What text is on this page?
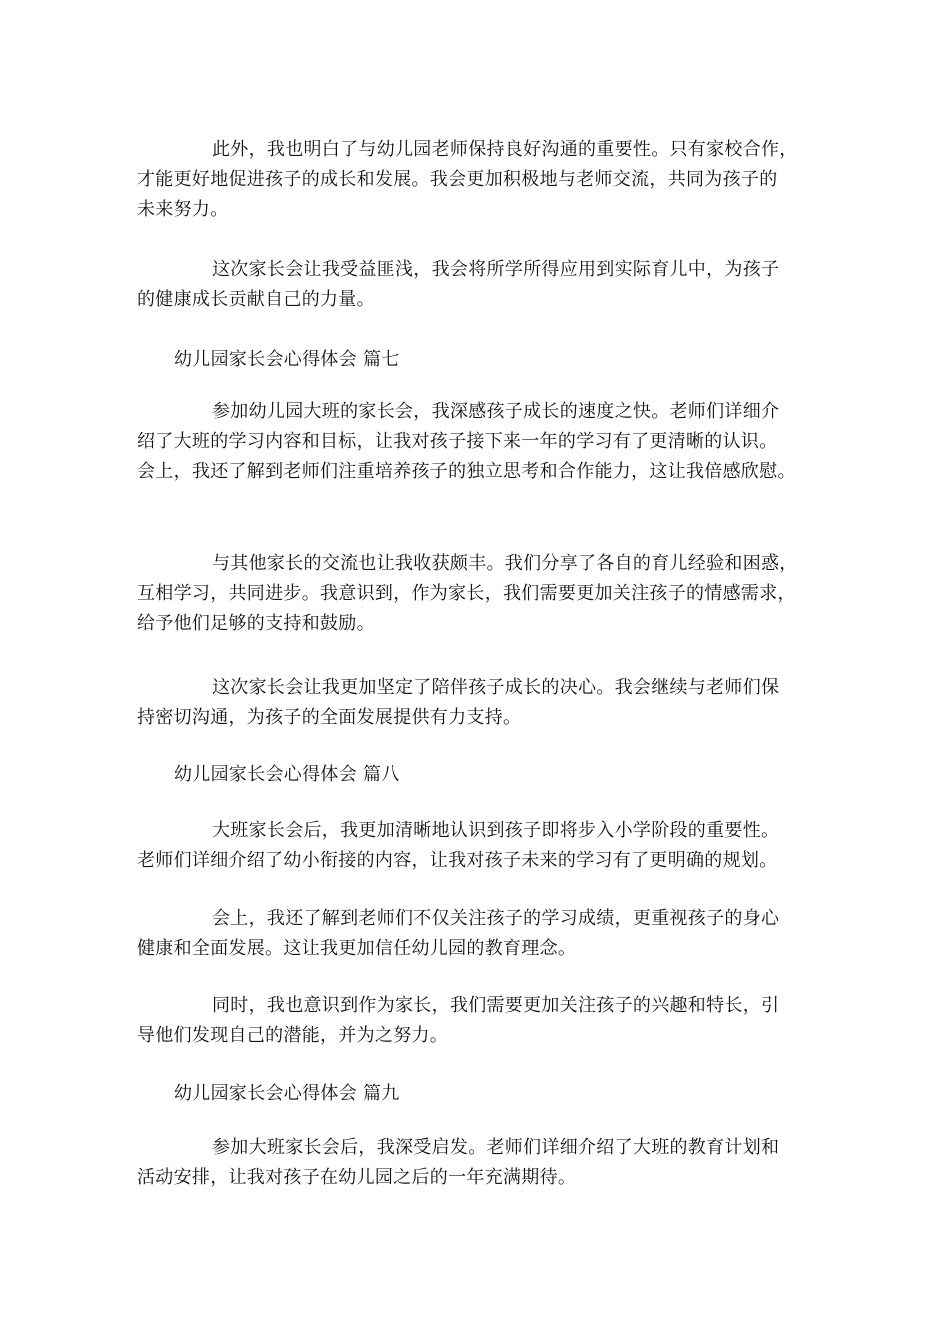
此外，我也明白了与幼儿园老师保持良好沟通的重要性。只有家校合作，
才能更好地促进孩子的成长和发展。我会更加积极地与老师交流，共同为孩子的
未来努力。

这次家长会让我受益匪浅，我会将所学所得应用到实际育儿中，为孩子
的健康成长贡献自己的力量。

幼儿园家长会心得体会 篇七

参加幼儿园大班的家长会，我深感孩子成长的速度之快。老师们详细介
绍了大班的学习内容和目标，让我对孩子接下来一年的学习有了更清晰的认识。
会上，我还了解到老师们注重培养孩子的独立思考和合作能力，这让我倍感欣慰。

与其他家长的交流也让我收获颇丰。我们分享了各自的育儿经验和困惑，
互相学习，共同进步。我意识到，作为家长，我们需要更加关注孩子的情感需求，
给予他们足够的支持和鼓励。

这次家长会让我更加坚定了陪伴孩子成长的决心。我会继续与老师们保
持密切沟通，为孩子的全面发展提供有力支持。

幼儿园家长会心得体会 篇八

大班家长会后，我更加清晰地认识到孩子即将步入小学阶段的重要性。
老师们详细介绍了幼小衔接的内容，让我对孩子未来的学习有了更明确的规划。

会上，我还了解到老师们不仅关注孩子的学习成绩，更重视孩子的身心
健康和全面发展。这让我更加信任幼儿园的教育理念。

同时，我也意识到作为家长，我们需要更加关注孩子的兴趣和特长，引
导他们发现自己的潜能，并为之努力。

幼儿园家长会心得体会 篇九

参加大班家长会后，我深受启发。老师们详细介绍了大班的教育计划和
活动安排，让我对孩子在幼儿园之后的一年充满期待。
